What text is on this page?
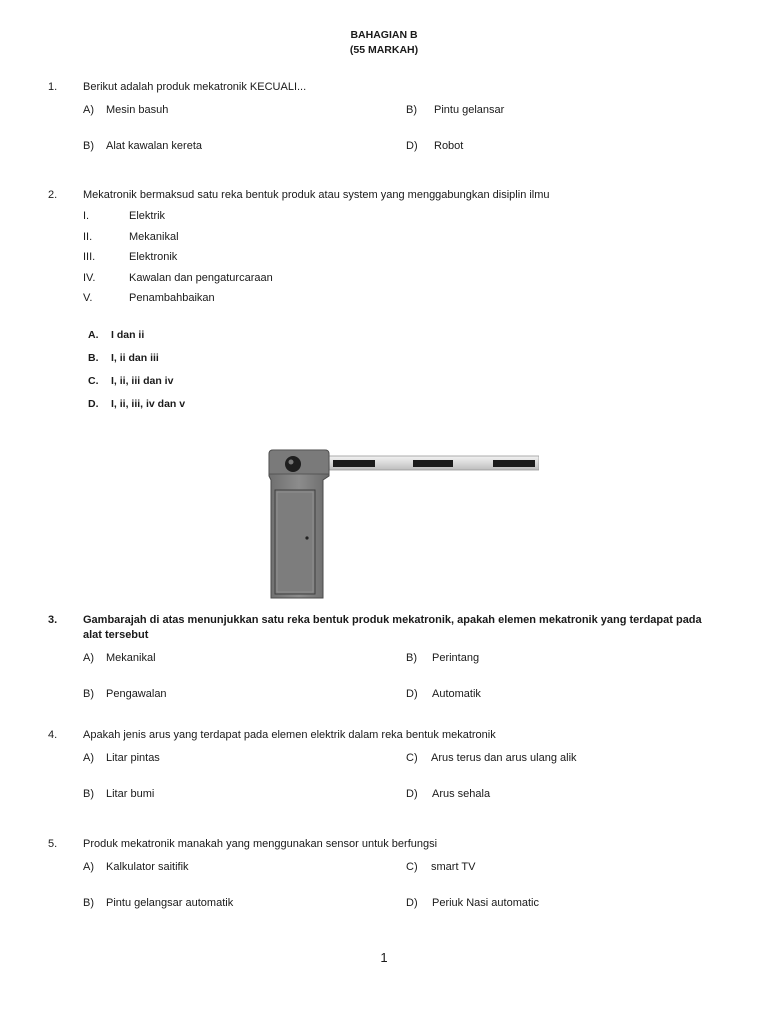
BAHAGIAN B
(55 MARKAH)
1. Berikut adalah produk mekatronik KECUALI...
A) Mesin basuh	B) Pintu gelansar
B) Alat kawalan kereta	D) Robot
2. Mekatronik bermaksud satu reka bentuk produk atau system yang menggabungkan disiplin ilmu
I.	Elektrik
II.	Mekanikal
III.	Elektronik
IV.	Kawalan dan pengaturcaraan
V.	Penambahbaikan
A. I dan ii
B. I, ii dan iii
C. I, ii, iii dan iv
D. I, ii, iii, iv dan v
3. Gambarajah di atas menunjukkan satu reka bentuk produk mekatronik, apakah elemen mekatronik yang terdapat pada alat tersebut
A) Mekanikal	B) Perintang
B) Pengawalan	D) Automatik
4. Apakah jenis arus yang terdapat pada elemen elektrik dalam reka bentuk mekatronik
A) Litar pintas	C) Arus terus dan arus ulang alik
B) Litar bumi	D) Arus sehala
5. Produk mekatronik manakah yang menggunakan sensor untuk berfungsi
A) Kalkulator saitifik	C) smart TV
B) Pintu gelangsar automatik	D) Periuk Nasi automatic
1
